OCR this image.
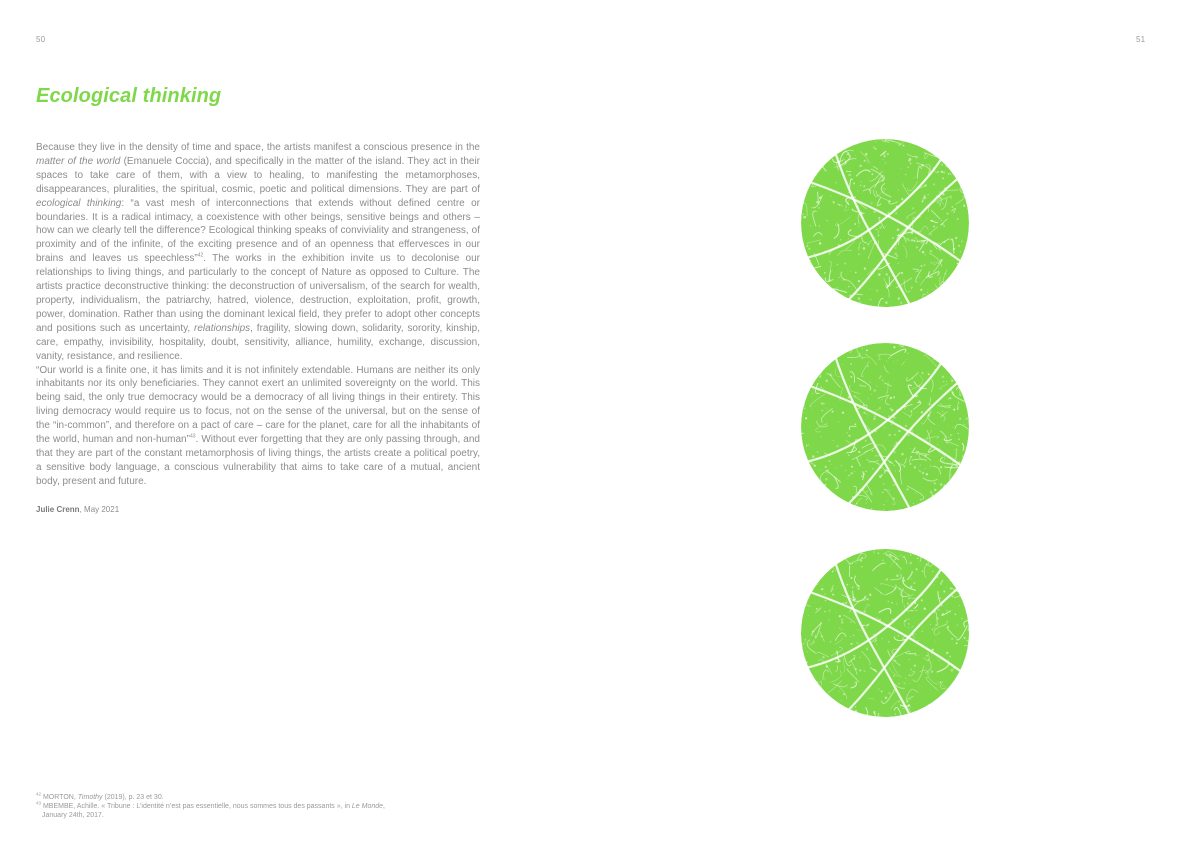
50	51
Ecological thinking

Because they live in the density of time and space, the artists manifest a conscious presence in the matter of the world (Emanuele Coccia), and specifically in the matter of the island. They act in their spaces to take care of them, with a view to healing, to manifesting the metamorphoses, disappearances, pluralities, the spiritual, cosmic, poetic and political dimensions. They are part of ecological thinking: “a vast mesh of interconnections that extends without defined centre or boundaries. It is a radical intimacy, a coexistence with other beings, sensitive beings and others – how can we clearly tell the difference? Ecological thinking speaks of conviviality and strangeness, of proximity and of the infinite, of the exciting presence and of an openness that effervesces in our brains and leaves us speechless”$^{42}$. The works in the exhibition invite us to decolonise our relationships to living things, and particularly to the concept of Nature as opposed to Culture. The artists practice deconstructive thinking: the deconstruction of universalism, of the search for wealth, property, individualism, the patriarchy, hatred, violence, destruction, exploitation, profit, growth, power, domination. Rather than using the dominant lexical field, they prefer to adopt other concepts and positions such as uncertainty, relationships, fragility, slowing down, solidarity, sorority, kinship, care, empathy, invisibility, hospitality, doubt, sensitivity, alliance, humility, exchange, discussion, vanity, resistance, and resilience.

“Our world is a finite one, it has limits and it is not infinitely extendable. Humans are neither its only inhabitants nor its only beneficiaries. They cannot exert an unlimited sovereignty on the world. This being said, the only true democracy would be a democracy of all living things in their entirety. This living democracy would require us to focus, not on the sense of the universal, but on the sense of the “in-common”, and therefore on a pact of care – care for the planet, care for all the inhabitants of the world, human and non-human”$^{43}$. Without ever forgetting that they are only passing through, and that they are part of the constant metamorphosis of living things, the artists create a political poetry, a sensitive body language, a conscious vulnerability that aims to take care of a mutual, ancient body, present and future.

Julie Crenn, May 2021

$^{42}$ MORTON, Timothy (2019), p. 23 et 30.

$^{43}$ MBEMBE, Achille. « Tribune : L’identité n’est pas essentielle, nous sommes tous des passants », in Le Monde,

January 24th, 2017.
